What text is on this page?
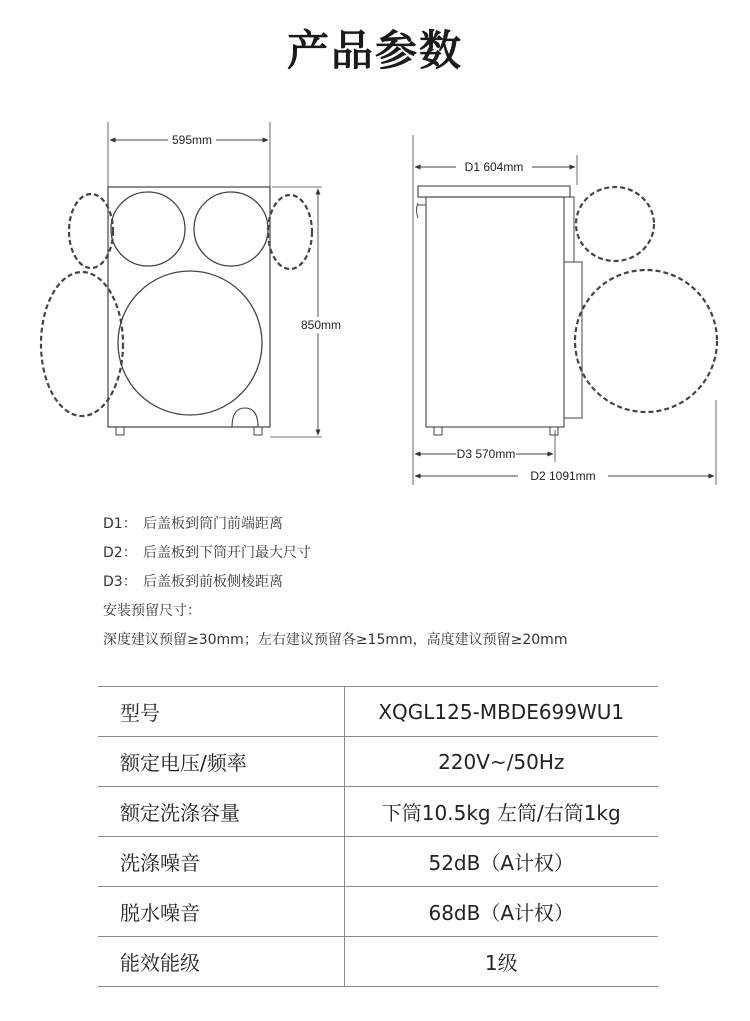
产品参数
595mm
850mm
D1 604mm
D3 570mm
D2 1091mm
D1： 后盖板到筒门前端距离
D2： 后盖板到下筒开门最大尺寸
D3： 后盖板到前板侧棱距离
安装预留尺寸：
深度建议预留≥30mm；左右建议预留各≥15mm，高度建议预留≥20mm
型号	XQGL125-MBDE699WU1
额定电压/频率	220V~/50Hz
额定洗涤容量	下筒10.5kg 左筒/右筒1kg
洗涤噪音	52dB（A计权）
脱水噪音	68dB（A计权）
能效能级	1级
